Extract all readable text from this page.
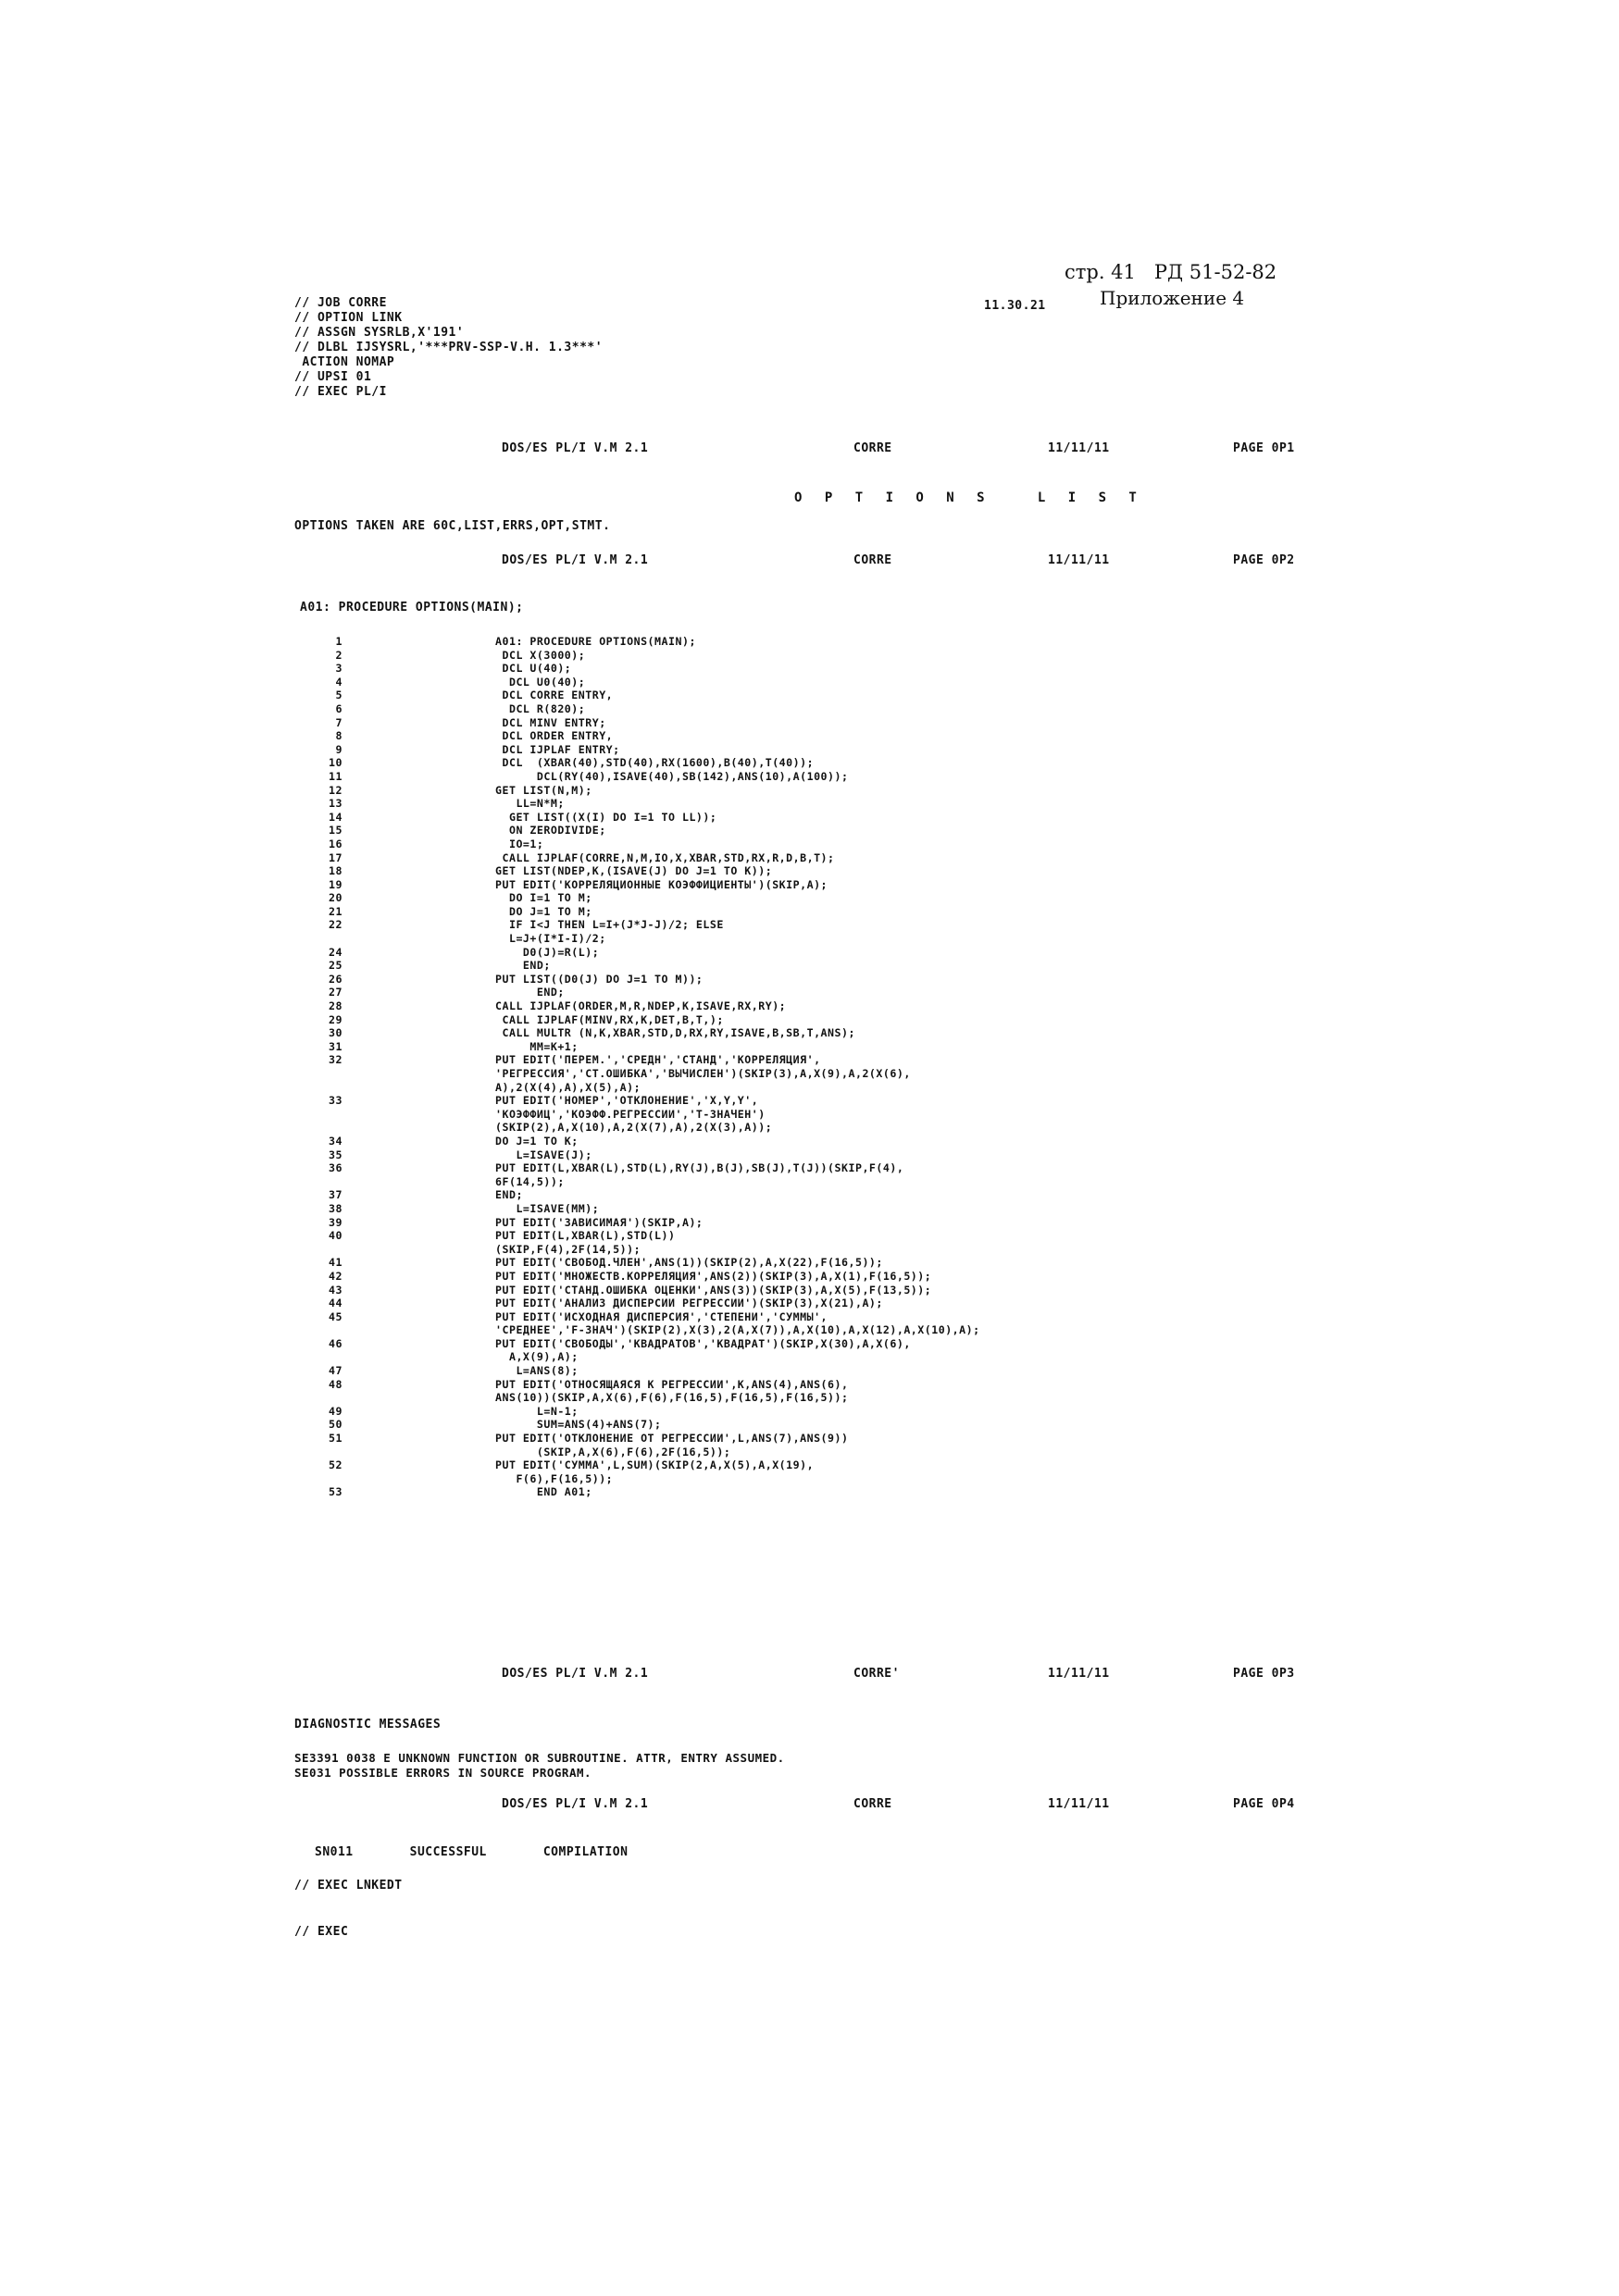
стр. 41   РД 51-52-82
Приложение 4
11.30.21
// JOB CORRE
// OPTION LINK
// ASSGN SYSRLB,X'191'
// DLBL IJSYSRL,'***PRV-SSP-V.H. 1.3***'
ACTION NOMAP
// UPSI 01
// EXEC PL/I
DOS/ES PL/I V.M 2.1	CORRE	11/11/11	PAGE 0P1
O P T I O N S   L I S T
OPTIONS TAKEN ARE 60C,LIST,ERRS,OPT,STMT.
DOS/ES PL/I V.M 2.1	CORRE	11/11/11	PAGE 0P2
A01: PROCEDURE OPTIONS(MAIN);
1	A01: PROCEDURE OPTIONS(MAIN);
2	DCL X(3000);
3	DCL U(40);
4	DCL U0(40);
5	DCL CORRE ENTRY,
6	DCL R(820);
7	DCL MINV ENTRY;
8	DCL ORDER ENTRY,
9	DCL IJPLAF ENTRY;
10	DCL  (XBAR(40),STD(40),RX(1600),B(40),T(40));
11	DCL(RY(40),ISAVE(40),SB(142),ANS(10),A(100));
12	GET LIST(N,M);
13	LL=N*M;
14	GET LIST((X(I) DO I=1 TO LL));
15	ON ZERODIVIDE;
16	IO=1;
17	CALL IJPLAF(CORRE,N,M,IO,X,XBAR,STD,RX,R,D,B,T);
18	GET LIST(NDEP,K,(ISAVE(J) DO J=1 TO K));
19	PUT EDIT('КОРРЕЛЯЦИОННЫЕ КОЭФФИЦИЕНТЫ')(SKIP,A);
20	DO I=1 TO M;
21	DO J=1 TO M;
22	IF I<J THEN L=I+(J*J-J)/2; ELSE
L=J+(I*I-I)/2;
24	D0(J)=R(L);
25	END;
26	PUT LIST((D0(J) DO J=1 TO M));
27	END;
28	CALL IJPLAF(ORDER,M,R,NDEP,K,ISAVE,RX,RY);
29	CALL IJPLAF(MINV,RX,K,DET,B,T,);
30	CALL MULTR (N,K,XBAR,STD,D,RX,RY,ISAVE,B,SB,T,ANS);
31	MM=K+1;
32	PUT EDIT('ПЕРЕМ.','СРЕДН','СТАНД','КОРРЕЛЯЦИЯ',
'РЕГРЕССИЯ','СТ.ОШИБКА','ВЫЧИСЛЕН')(SKIP(3),A,X(9),A,2(X(6),
A),2(X(4),A),X(5),A);
33	PUT EDIT('НОМЕР','ОТКЛОНЕНИЕ','X,Y,Y',
'КОЭФФИЦ','КОЭФФ.РЕГРЕССИИ','T-ЗНАЧЕН')
(SKIP(2),A,X(10),A,2(X(7),A),2(X(3),A));
34	DO J=1 TO K;
35	L=ISAVE(J);
36	PUT EDIT(L,XBAR(L),STD(L),RY(J),B(J),SB(J),T(J))(SKIP,F(4),
6F(14,5));
37	END;
38	L=ISAVE(MM);
39	PUT EDIT('ЗАВИСИМАЯ')(SKIP,A);
40	PUT EDIT(L,XBAR(L),STD(L))
(SKIP,F(4),2F(14,5));
41	PUT EDIT('СВОБОД.ЧЛЕН',ANS(1))(SKIP(2),A,X(22),F(16,5));
42	PUT EDIT('МНОЖЕСТВ.КОРРЕЛЯЦИЯ',ANS(2))(SKIP(3),A,X(1),F(16,5));
43	PUT EDIT('СТАНД.ОШИБКА ОЦЕНКИ',ANS(3))(SKIP(3),A,X(5),F(13,5));
44	PUT EDIT('АНАЛИЗ ДИСПЕРСИИ РЕГРЕССИИ')(SKIP(3),X(21),A);
45	PUT EDIT('ИСХОДНАЯ ДИСПЕРСИЯ','СТЕПЕНИ','СУММЫ',
'СРЕДНЕЕ','F-ЗНАЧ')(SKIP(2),X(3),2(A,X(7)),A,X(10),A,X(12),A,X(10),A);
46	PUT EDIT('СВОБОДЫ','КВАДРАТОВ','КВАДРАТ')(SKIP,X(30),A,X(6),
A,X(9),A);
47	L=ANS(8);
48	PUT EDIT('ОТНОСЯЩАЯСЯ К РЕГРЕССИИ',K,ANS(4),ANS(6),
ANS(10))(SKIP,A,X(6),F(6),F(16,5),F(16,5),F(16,5));
49	L=N-1;
50	SUM=ANS(4)+ANS(7);
51	PUT EDIT('ОТКЛОНЕНИЕ ОТ РЕГРЕССИИ',L,ANS(7),ANS(9))
(SKIP,A,X(6),F(6),2F(16,5));
52	PUT EDIT('СУММА',L,SUM)(SKIP(2,A,X(5),A,X(19),
F(6),F(16,5));
53	END A01;
DOS/ES PL/I V.M 2.1	CORRE'	11/11/11	PAGE 0P3
DIAGNOSTIC MESSAGES
SE3391 0038 E UNKNOWN FUNCTION OR SUBROUTINE. ATTR, ENTRY ASSUMED.
SE031 POSSIBLE ERRORS IN SOURCE PROGRAM.
DOS/ES PL/I V.M 2.1	CORRE	11/11/11	PAGE 0P4
SN011   SUCCESSFUL   COMPILATION
// EXEC LNKEDT
// EXEC
